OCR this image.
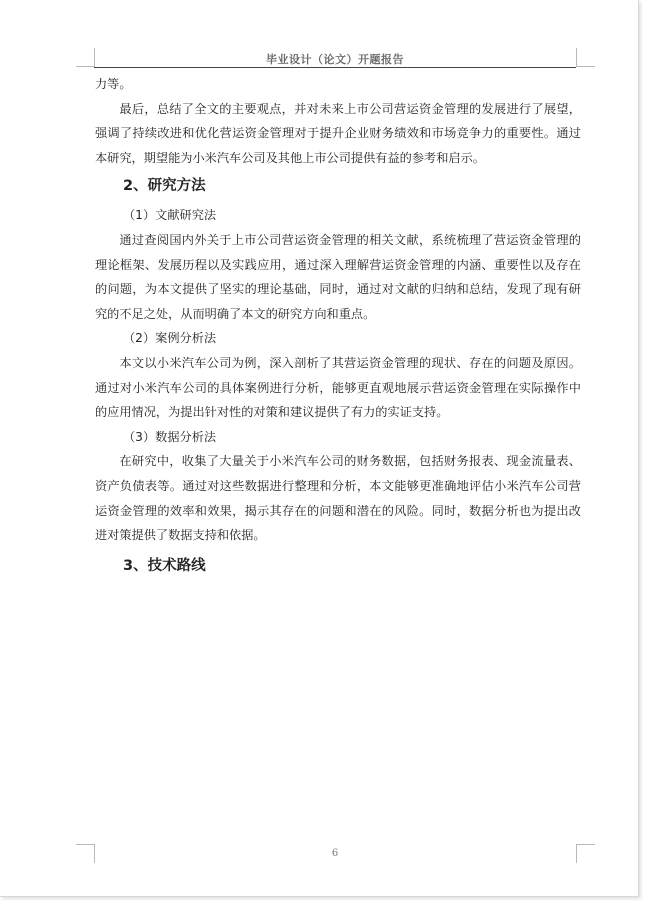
毕业设计（论文）开题报告

力等。

最后，总结了全文的主要观点，并对未来上市公司营运资金管理的发展进行了展望，强调了持续改进和优化营运资金管理对于提升企业财务绩效和市场竞争力的重要性。通过本研究，期望能为小米汽车公司及其他上市公司提供有益的参考和启示。

2、研究方法

（1）文献研究法

通过查阅国内外关于上市公司营运资金管理的相关文献，系统梳理了营运资金管理的理论框架、发展历程以及实践应用，通过深入理解营运资金管理的内涵、重要性以及存在的问题，为本文提供了坚实的理论基础，同时，通过对文献的归纳和总结，发现了现有研究的不足之处，从而明确了本文的研究方向和重点。

（2）案例分析法

本文以小米汽车公司为例，深入剖析了其营运资金管理的现状、存在的问题及原因。通过对小米汽车公司的具体案例进行分析，能够更直观地展示营运资金管理在实际操作中的应用情况，为提出针对性的对策和建议提供了有力的实证支持。

（3）数据分析法

在研究中，收集了大量关于小米汽车公司的财务数据，包括财务报表、现金流量表、资产负债表等。通过对这些数据进行整理和分析，本文能够更准确地评估小米汽车公司营运资金管理的效率和效果，揭示其存在的问题和潜在的风险。同时，数据分析也为提出改进对策提供了数据支持和依据。

3、技术路线

6
